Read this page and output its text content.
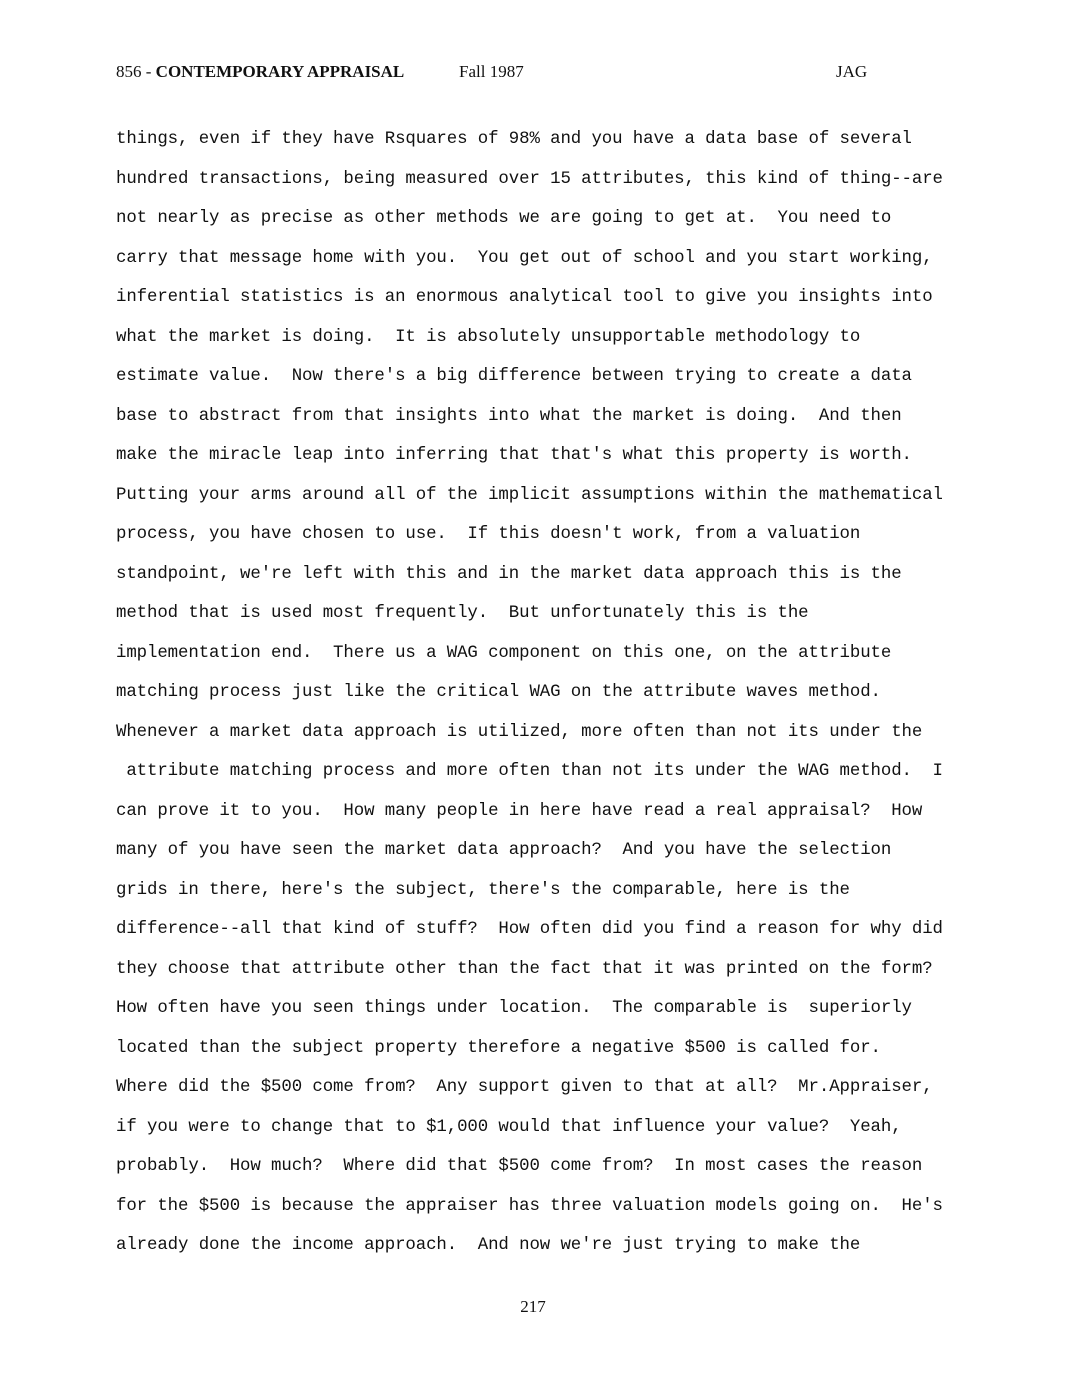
856 - CONTEMPORARY APPRAISAL	Fall 1987	JAG
things, even if they have Rsquares of 98% and you have a data base of several
hundred transactions, being measured over 15 attributes, this kind of thing--are
not nearly as precise as other methods we are going to get at.  You need to
carry that message home with you.  You get out of school and you start working,
inferential statistics is an enormous analytical tool to give you insights into
what the market is doing.  It is absolutely unsupportable methodology to
estimate value.  Now there's a big difference between trying to create a data
base to abstract from that insights into what the market is doing.  And then
make the miracle leap into inferring that that's what this property is worth.
Putting your arms around all of the implicit assumptions within the mathematical
process, you have chosen to use.  If this doesn't work, from a valuation
standpoint, we're left with this and in the market data approach this is the
method that is used most frequently.  But unfortunately this is the
implementation end.  There us a WAG component on this one, on the attribute
matching process just like the critical WAG on the attribute waves method.
Whenever a market data approach is utilized, more often than not its under the
attribute matching process and more often than not its under the WAG method.  I
can prove it to you.  How many people in here have read a real appraisal?  How
many of you have seen the market data approach?  And you have the selection
grids in there, here's the subject, there's the comparable, here is the
difference--all that kind of stuff?  How often did you find a reason for why did
they choose that attribute other than the fact that it was printed on the form?
How often have you seen things under location.  The comparable is  superiorly
located than the subject property therefore a negative $500 is called for.
Where did the $500 come from?  Any support given to that at all?  Mr.Appraiser,
if you were to change that to $1,000 would that influence your value?  Yeah,
probably.  How much?  Where did that $500 come from?  In most cases the reason
for the $500 is because the appraiser has three valuation models going on.  He's
already done the income approach.  And now we're just trying to make the
217
